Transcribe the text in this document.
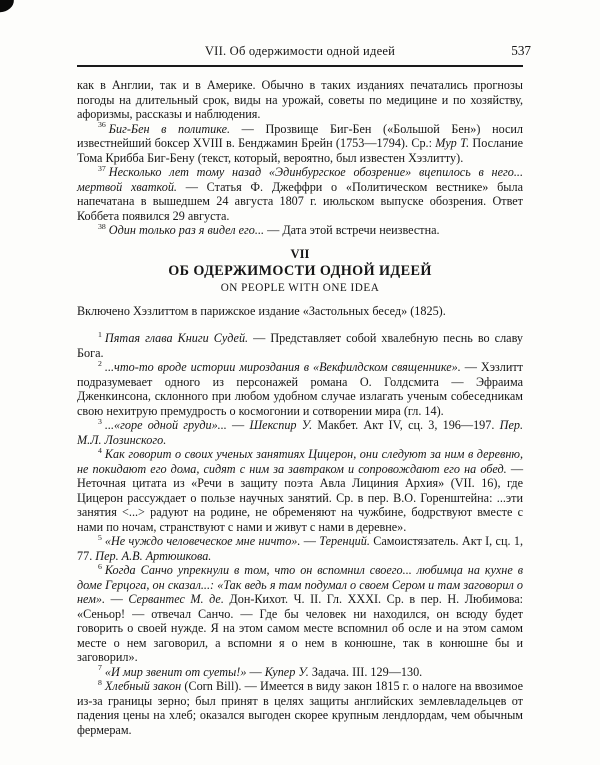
VII. Об одержимости одной идеей	537

как в Англии, так и в Америке. Обычно в таких изданиях печатались прогнозы погоды на длительный срок, виды на урожай, советы по медицине и по хозяйству, афоризмы, рассказы и наблюдения.

$^{36}$ Биг-Бен в политике. — Прозвище Биг-Бен («Большой Бен») носил известнейший боксер XVIII в. Бенджамин Брейн (1753—1794). Ср.: Мур Т. Послание Тома Крибба Биг-Бену (текст, который, вероятно, был известен Хэзлитту).

$^{37}$ Несколько лет тому назад «Эдинбургское обозрение» вцепилось в него... мертвой хваткой. — Статья Ф. Джеффри о «Политическом вестнике» была напечатана в вышедшем 24 августа 1807 г. июльском выпуске обозрения. Ответ Коббета появился 29 августа.

$^{38}$ Один только раз я видел его... — Дата этой встречи неизвестна.

VII
ОБ ОДЕРЖИМОСТИ ОДНОЙ ИДЕЕЙ
ON PEOPLE WITH ONE IDEA

Включено Хэзлиттом в парижское издание «Застольных бесед» (1825).

$^1$ Пятая глава Книги Судей. — Представляет собой хвалебную песнь во славу Бога.

$^2$ ...что-то вроде истории мироздания в «Векфилдском священнике». — Хэзлитт подразумевает одного из персонажей романа О. Голдсмита — Эфраима Дженкинсона, склонного при любом удобном случае излагать ученым собеседникам свою нехитрую премудрость о космогонии и сотворении мира (гл. 14).

$^3$ ...«горе одной груди»... — Шекспир У. Макбет. Акт IV, сц. 3, 196—197. Пер. М.Л. Лозинского.

$^4$ Как говорит о своих ученых занятиях Цицерон, они следуют за ним в деревню, не покидают его дома, сидят с ним за завтраком и сопровождают его на обед. — Неточная цитата из «Речи в защиту поэта Авла Лициния Архия» (VII. 16), где Цицерон рассуждает о пользе научных занятий. Ср. в пер. В.О. Горенштейна: ...эти занятия <...> радуют на родине, не обременяют на чужбине, бодрствуют вместе с нами по ночам, странствуют с нами и живут с нами в деревне».

$^5$ «Не чуждо человеческое мне ничто». — Теренций. Самоистязатель. Акт I, сц. 1, 77. Пер. А.В. Артюшкова.

$^6$ Когда Санчо упрекнули в том, что он вспомнил своего... любимца на кухне в доме Герцога, он сказал...: «Так ведь я там подумал о своем Сером и там заговорил о нем». — Сервантес М. де. Дон-Кихот. Ч. II. Гл. XXXI. Ср. в пер. Н. Любимова: «Сеньор! — отвечал Санчо. — Где бы человек ни находился, он всюду будет говорить о своей нужде. Я на этом самом месте вспомнил об осле и на этом самом месте о нем заговорил, а вспомни я о нем в конюшне, так в конюшне бы и заговорил».

$^7$ «И мир звенит от суеты!» — Купер У. Задача. III. 129—130.

$^8$ Хлебный закон (Corn Bill). — Имеется в виду закон 1815 г. о налоге на ввозимое из-за границы зерно; был принят в целях защиты английских землевладельцев от падения цены на хлеб; оказался выгоден скорее крупным лендлордам, чем обычным фермерам.
